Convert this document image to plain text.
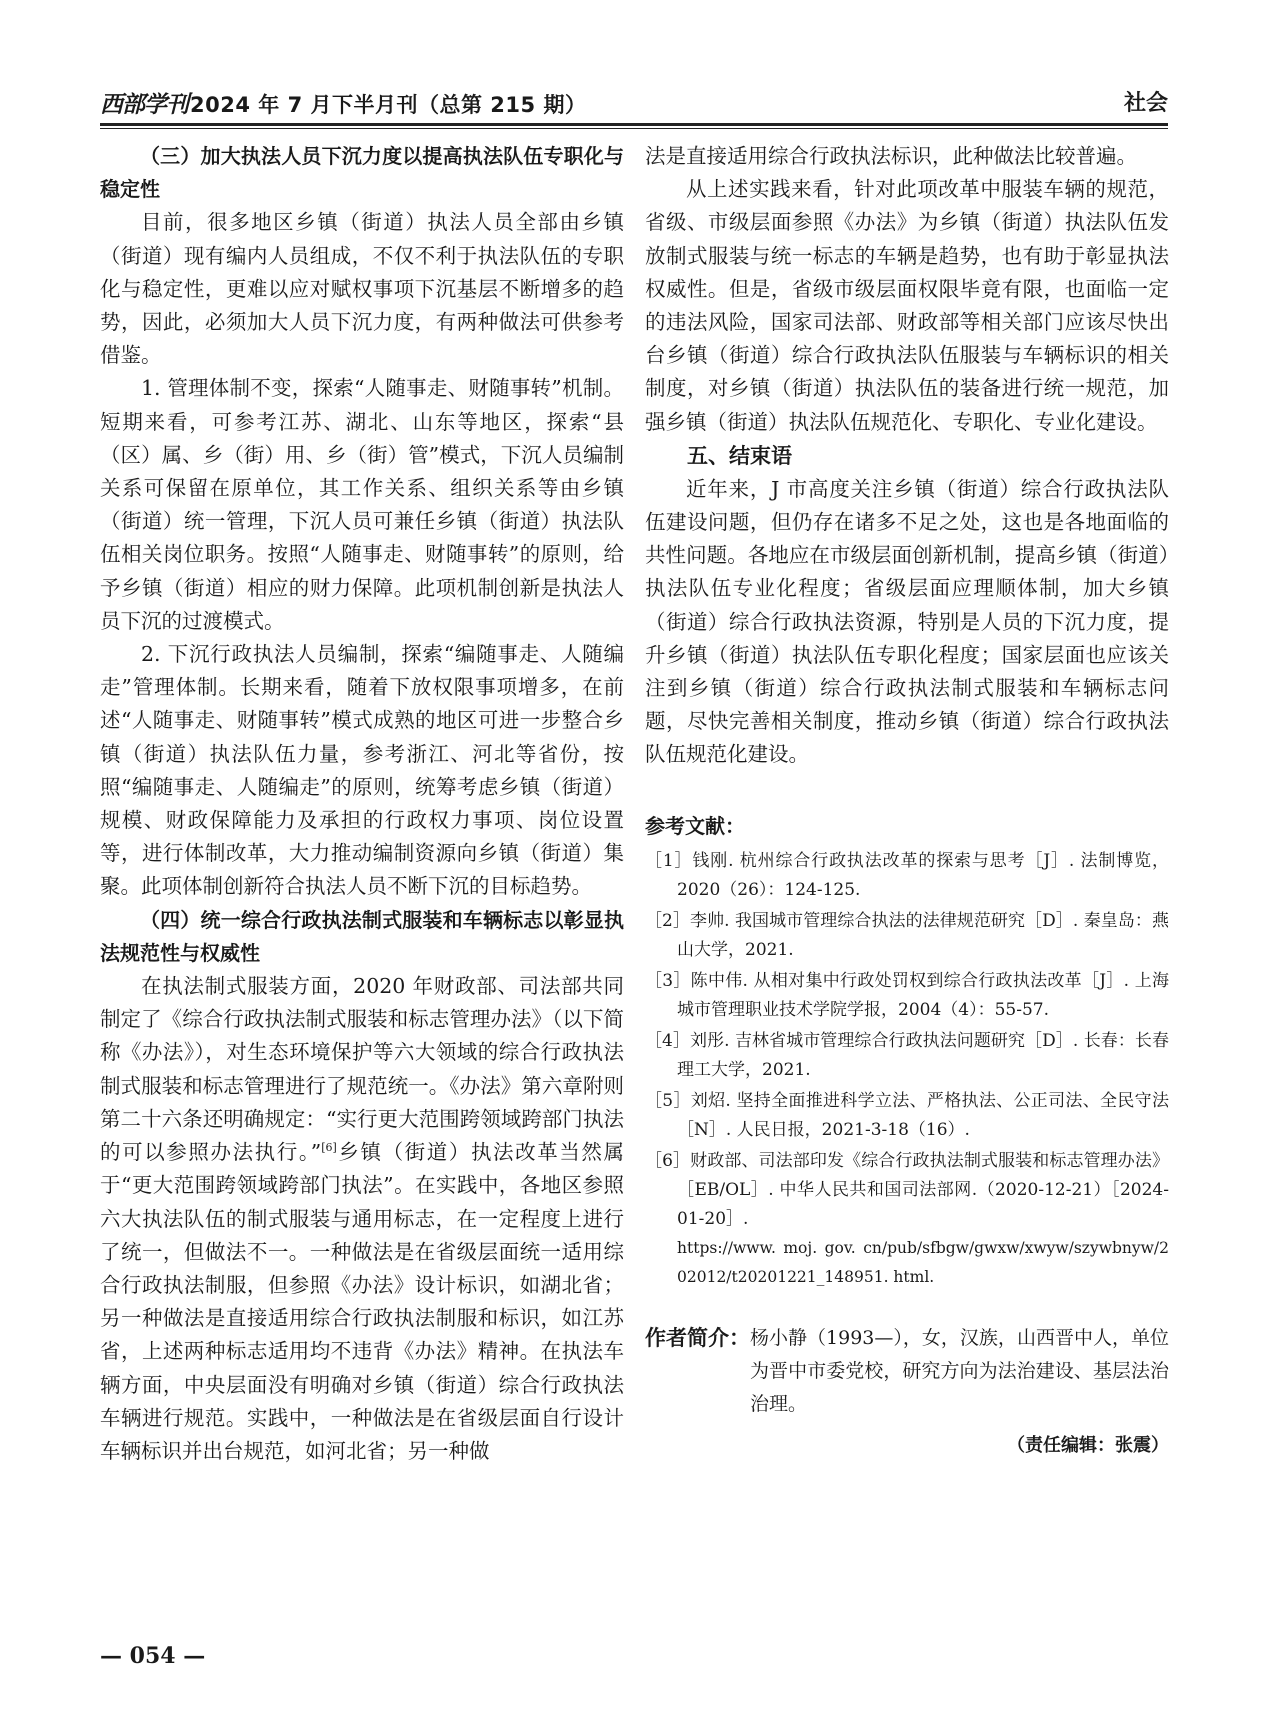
西部学刊2024 年 7 月下半月刊（总第 215 期）	社会
（三）加大执法人员下沉力度以提高执法队伍专职化与稳定性

目前，很多地区乡镇（街道）执法人员全部由乡镇（街道）现有编内人员组成，不仅不利于执法队伍的专职化与稳定性，更难以应对赋权事项下沉基层不断增多的趋势，因此，必须加大人员下沉力度，有两种做法可供参考借鉴。

1. 管理体制不变，探索“人随事走、财随事转”机制。短期来看，可参考江苏、湖北、山东等地区，探索“县（区）属、乡（街）用、乡（街）管”模式，下沉人员编制关系可保留在原单位，其工作关系、组织关系等由乡镇（街道）统一管理，下沉人员可兼任乡镇（街道）执法队伍相关岗位职务。按照“人随事走、财随事转”的原则，给予乡镇（街道）相应的财力保障。此项机制创新是执法人员下沉的过渡模式。

2. 下沉行政执法人员编制，探索“编随事走、人随编走”管理体制。长期来看，随着下放权限事项增多，在前述“人随事走、财随事转”模式成熟的地区可进一步整合乡镇（街道）执法队伍力量，参考浙江、河北等省份，按照“编随事走、人随编走”的原则，统筹考虑乡镇（街道）规模、财政保障能力及承担的行政权力事项、岗位设置等，进行体制改革，大力推动编制资源向乡镇（街道）集聚。此项体制创新符合执法人员不断下沉的目标趋势。

（四）统一综合行政执法制式服装和车辆标志以彰显执法规范性与权威性

在执法制式服装方面，2020 年财政部、司法部共同制定了《综合行政执法制式服装和标志管理办法》（以下简称《办法》），对生态环境保护等六大领域的综合行政执法制式服装和标志管理进行了规范统一。《办法》第六章附则第二十六条还明确规定：“实行更大范围跨领域跨部门执法的可以参照办法执行。”[6]乡镇（街道）执法改革当然属于“更大范围跨领域跨部门执法”。在实践中，各地区参照六大执法队伍的制式服装与通用标志，在一定程度上进行了统一，但做法不一。一种做法是在省级层面统一适用综合行政执法制服，但参照《办法》设计标识，如湖北省；另一种做法是直接适用综合行政执法制服和标识，如江苏省，上述两种标志适用均不违背《办法》精神。在执法车辆方面，中央层面没有明确对乡镇（街道）综合行政执法车辆进行规范。实践中，一种做法是在省级层面自行设计车辆标识并出台规范，如河北省；另一种做

法是直接适用综合行政执法标识，此种做法比较普遍。

从上述实践来看，针对此项改革中服装车辆的规范，省级、市级层面参照《办法》为乡镇（街道）执法队伍发放制式服装与统一标志的车辆是趋势，也有助于彰显执法权威性。但是，省级市级层面权限毕竟有限，也面临一定的违法风险，国家司法部、财政部等相关部门应该尽快出台乡镇（街道）综合行政执法队伍服装与车辆标识的相关制度，对乡镇（街道）执法队伍的装备进行统一规范，加强乡镇（街道）执法队伍规范化、专职化、专业化建设。

五、结束语

近年来，J 市高度关注乡镇（街道）综合行政执法队伍建设问题，但仍存在诸多不足之处，这也是各地面临的共性问题。各地应在市级层面创新机制，提高乡镇（街道）执法队伍专业化程度；省级层面应理顺体制，加大乡镇（街道）综合行政执法资源，特别是人员的下沉力度，提升乡镇（街道）执法队伍专职化程度；国家层面也应该关注到乡镇（街道）综合行政执法制式服装和车辆标志问题，尽快完善相关制度，推动乡镇（街道）综合行政执法队伍规范化建设。

参考文献：
［1］钱刚. 杭州综合行政执法改革的探索与思考［J］. 法制博览，2020（26）：124-125.
［2］李帅. 我国城市管理综合执法的法律规范研究［D］. 秦皇岛：燕山大学，2021.
［3］陈中伟. 从相对集中行政处罚权到综合行政执法改革［J］. 上海城市管理职业技术学院学报，2004（4）：55-57.
［4］刘彤. 吉林省城市管理综合行政执法问题研究［D］. 长春：长春理工大学，2021.
［5］刘炤. 坚持全面推进科学立法、严格执法、公正司法、全民守法［N］. 人民日报，2021-3-18（16）.
［6］财政部、司法部印发《综合行政执法制式服装和标志管理办法》［EB/OL］. 中华人民共和国司法部网.（2020-12-21）［2024-01-20］.
https://www. moj. gov. cn/pub/sfbgw/gwxw/xwyw/szywbnyw/202012/t20201221_148951. html.
作者简介： 杨小静（1993—），女，汉族，山西晋中人，单位为晋中市委党校，研究方向为法治建设、基层法治治理。
（责任编辑：张震）
— 054 —
